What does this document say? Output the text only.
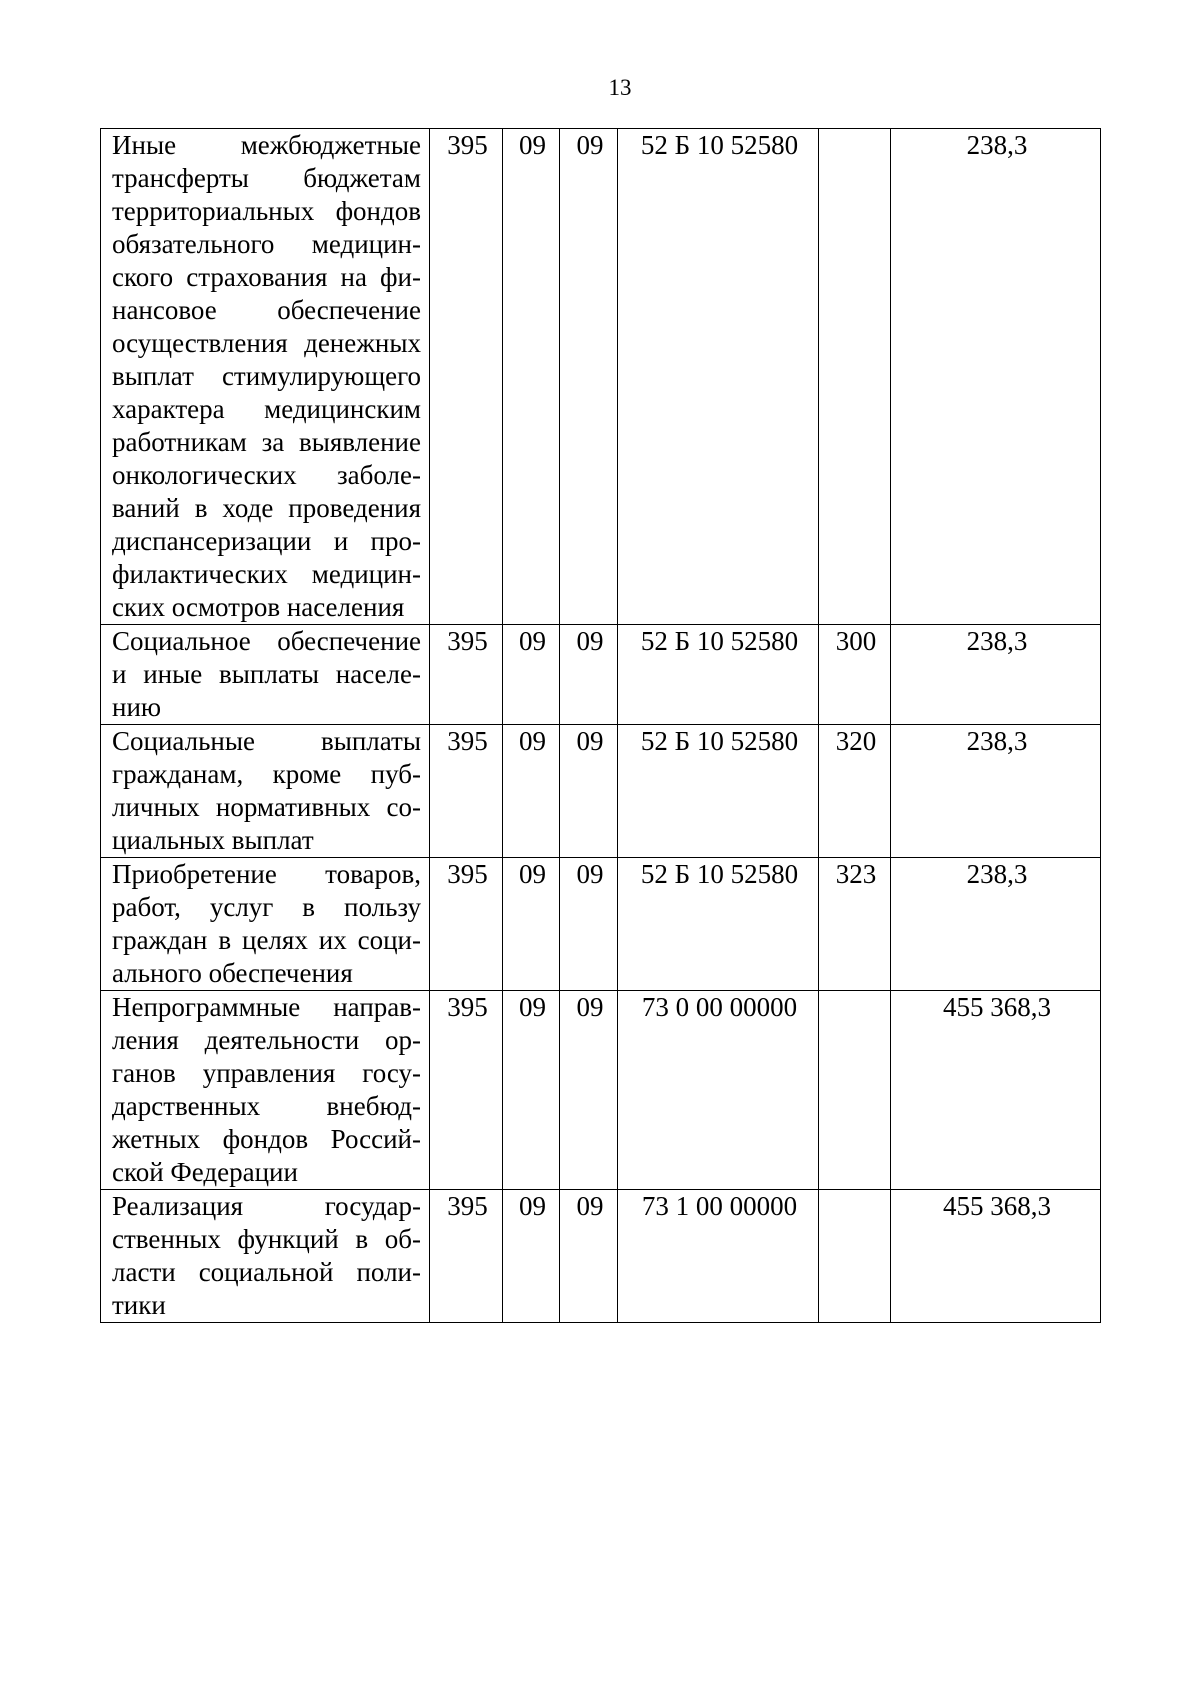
13
Иные межбюджетные трансферты бюджетам территориальных фондов обязательного медицин-ского страхования на фи-нансовое обеспечение осуществления денежных выплат стимулирующего характера медицинским работникам за выявление онкологических заболе-ваний в ходе проведения диспансеризации и про-филактических медицин-ских осмотров населения	395	09	09	52 Б 10 52580		238,3
Социальное обеспечение и иные выплаты населе-нию	395	09	09	52 Б 10 52580	300	238,3
Социальные выплаты гражданам, кроме пуб-личных нормативных со-циальных выплат	395	09	09	52 Б 10 52580	320	238,3
Приобретение товаров, работ, услуг в пользу граждан в целях их соци-ального обеспечения	395	09	09	52 Б 10 52580	323	238,3
Непрограммные направ-ления деятельности ор-ганов управления госу-дарственных внебюд-жетных фондов Россий-ской Федерации	395	09	09	73 0 00 00000		455 368,3
Реализация государ-ственных функций в об-ласти социальной поли-тики	395	09	09	73 1 00 00000		455 368,3
